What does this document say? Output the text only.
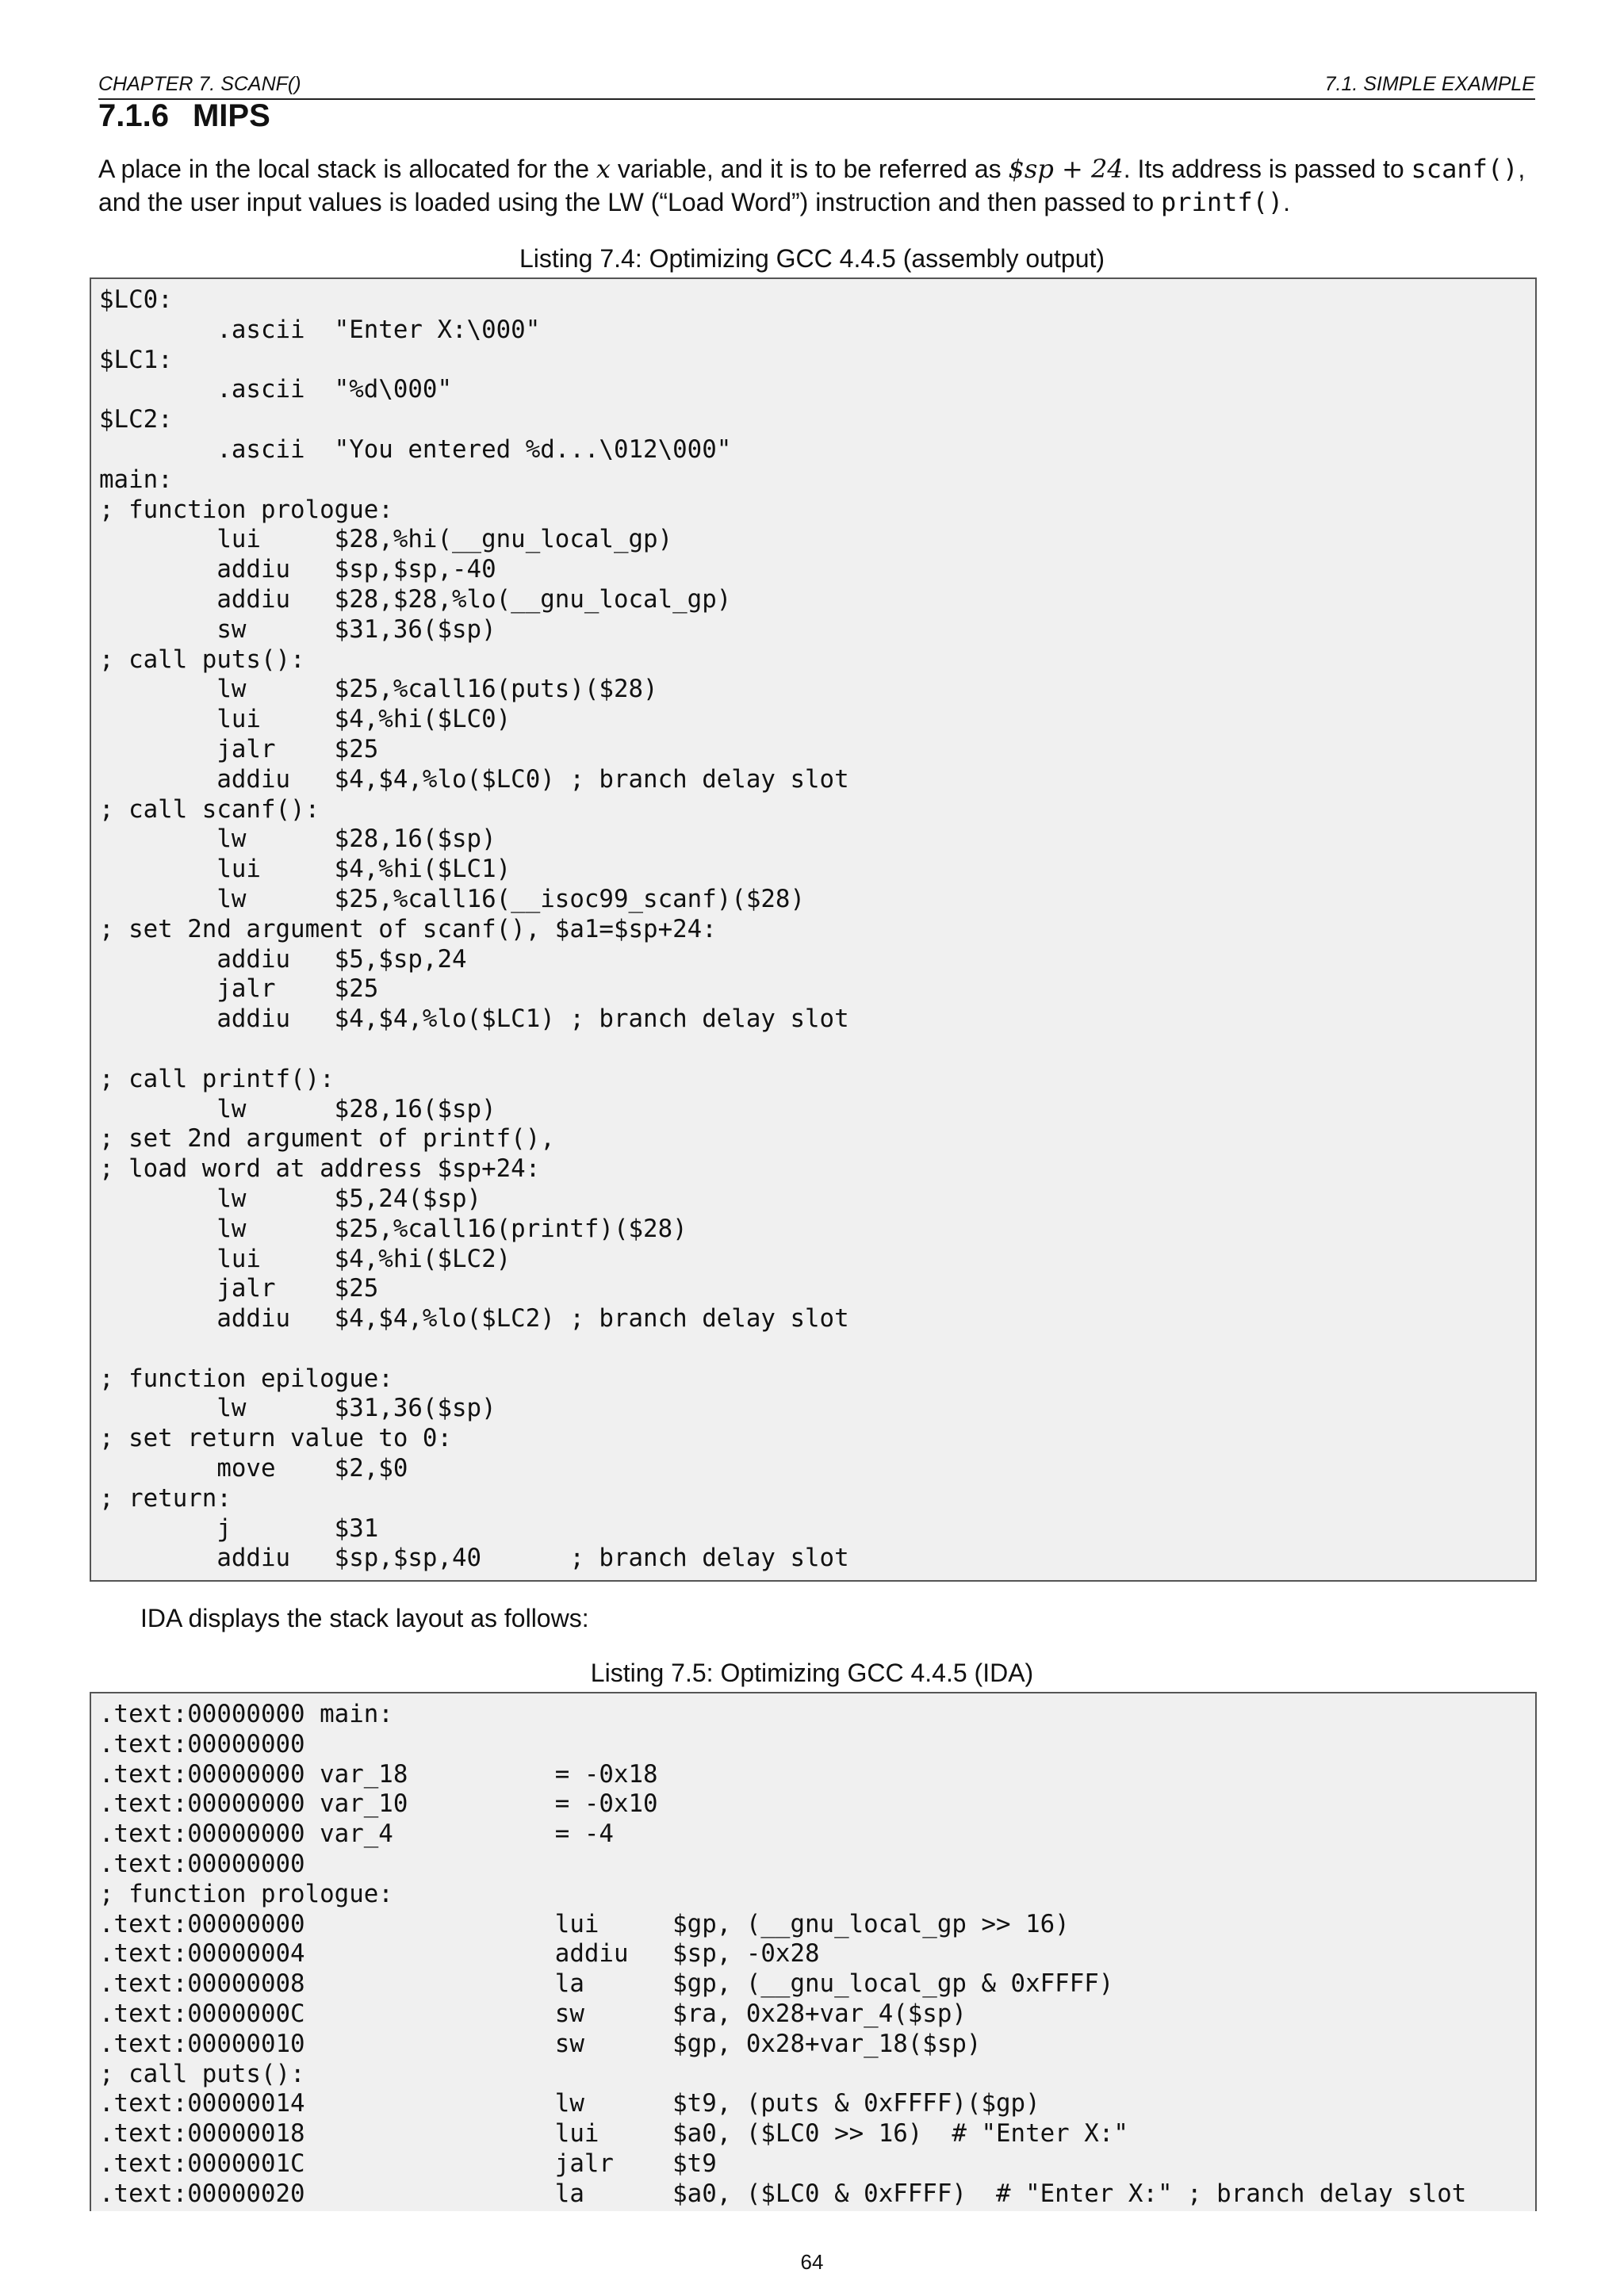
CHAPTER 7. SCANF()	7.1. SIMPLE EXAMPLE
7.1.6 MIPS
A place in the local stack is allocated for the x variable, and it is to be referred as $sp + 24. Its address is passed to scanf(), and the user input values is loaded using the LW (“Load Word”) instruction and then passed to printf().
Listing 7.4: Optimizing GCC 4.4.5 (assembly output)
$LC0:
.ascii  "Enter X:\000"
$LC1:
.ascii  "%d\000"
$LC2:
.ascii  "You entered %d...\012\000"
main:
; function prologue:
lui     $28,%hi(__gnu_local_gp)
addiu   $sp,$sp,-40
addiu   $28,$28,%lo(__gnu_local_gp)
sw      $31,36($sp)
; call puts():
lw      $25,%call16(puts)($28)
lui     $4,%hi($LC0)
jalr    $25
addiu   $4,$4,%lo($LC0) ; branch delay slot
; call scanf():
lw      $28,16($sp)
lui     $4,%hi($LC1)
lw      $25,%call16(__isoc99_scanf)($28)
; set 2nd argument of scanf(), $a1=$sp+24:
addiu   $5,$sp,24
jalr    $25
addiu   $4,$4,%lo($LC1) ; branch delay slot

; call printf():
lw      $28,16($sp)
; set 2nd argument of printf(),
; load word at address $sp+24:
lw      $5,24($sp)
lw      $25,%call16(printf)($28)
lui     $4,%hi($LC2)
jalr    $25
addiu   $4,$4,%lo($LC2) ; branch delay slot

; function epilogue:
lw      $31,36($sp)
; set return value to 0:
move    $2,$0
; return:
j       $31
addiu   $sp,$sp,40      ; branch delay slot
IDA displays the stack layout as follows:
Listing 7.5: Optimizing GCC 4.4.5 (IDA)
.text:00000000 main:
.text:00000000
.text:00000000 var_18          = -0x18
.text:00000000 var_10          = -0x10
.text:00000000 var_4           = -4
.text:00000000
; function prologue:
.text:00000000                 lui     $gp, (__gnu_local_gp >> 16)
.text:00000004                 addiu   $sp, -0x28
.text:00000008                 la      $gp, (__gnu_local_gp & 0xFFFF)
.text:0000000C                 sw      $ra, 0x28+var_4($sp)
.text:00000010                 sw      $gp, 0x28+var_18($sp)
; call puts():
.text:00000014                 lw      $t9, (puts & 0xFFFF)($gp)
.text:00000018                 lui     $a0, ($LC0 >> 16)  # "Enter X:"
.text:0000001C                 jalr    $t9
.text:00000020                 la      $a0, ($LC0 & 0xFFFF)  # "Enter X:" ; branch delay slot
64
